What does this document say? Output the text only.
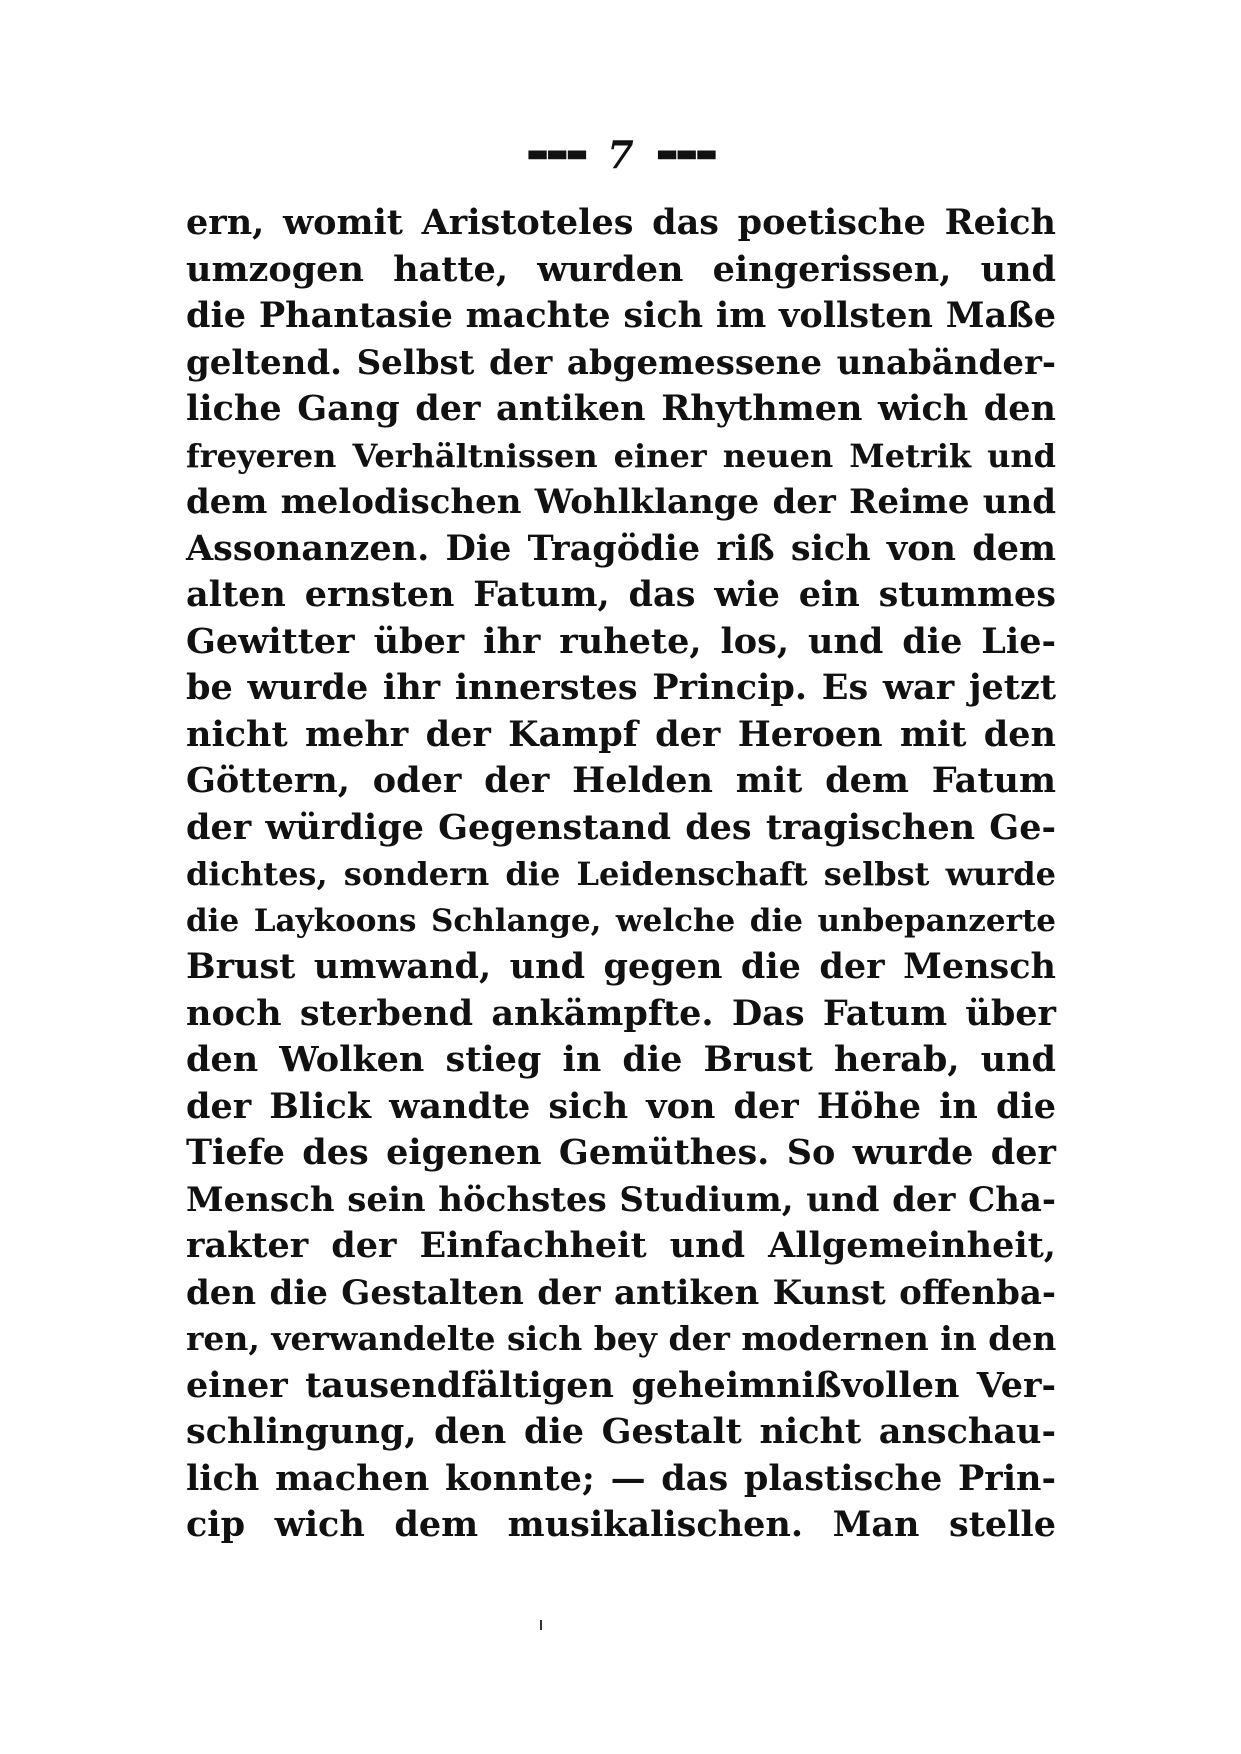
▬▬▬ 7 ▬▬▬
ern, womit Aristoteles das poetische Reich
umzogen hatte, wurden eingerissen, und
die Phantasie machte sich im vollsten Maße
geltend. Selbst der abgemessene unabänder-
liche Gang der antiken Rhythmen wich den
freyeren Verhältnissen einer neuen Metrik und
dem melodischen Wohlklange der Reime und
Assonanzen. Die Tragödie riß sich von dem
alten ernsten Fatum, das wie ein stummes
Gewitter über ihr ruhete, los, und die Lie-
be wurde ihr innerstes Princip. Es war jetzt
nicht mehr der Kampf der Heroen mit den
Göttern, oder der Helden mit dem Fatum
der würdige Gegenstand des tragischen Ge-
dichtes, sondern die Leidenschaft selbst wurde
die Laykoons Schlange, welche die unbepanzerte
Brust umwand, und gegen die der Mensch
noch sterbend ankämpfte. Das Fatum über
den Wolken stieg in die Brust herab, und
der Blick wandte sich von der Höhe in die
Tiefe des eigenen Gemüthes. So wurde der
Mensch sein höchstes Studium, und der Cha-
rakter der Einfachheit und Allgemeinheit,
den die Gestalten der antiken Kunst offenba-
ren, verwandelte sich bey der modernen in den
einer tausendfältigen geheimnißvollen Ver-
schlingung, den die Gestalt nicht anschau-
lich machen konnte; — das plastische Prin-
cip wich dem musikalischen. Man stelle
